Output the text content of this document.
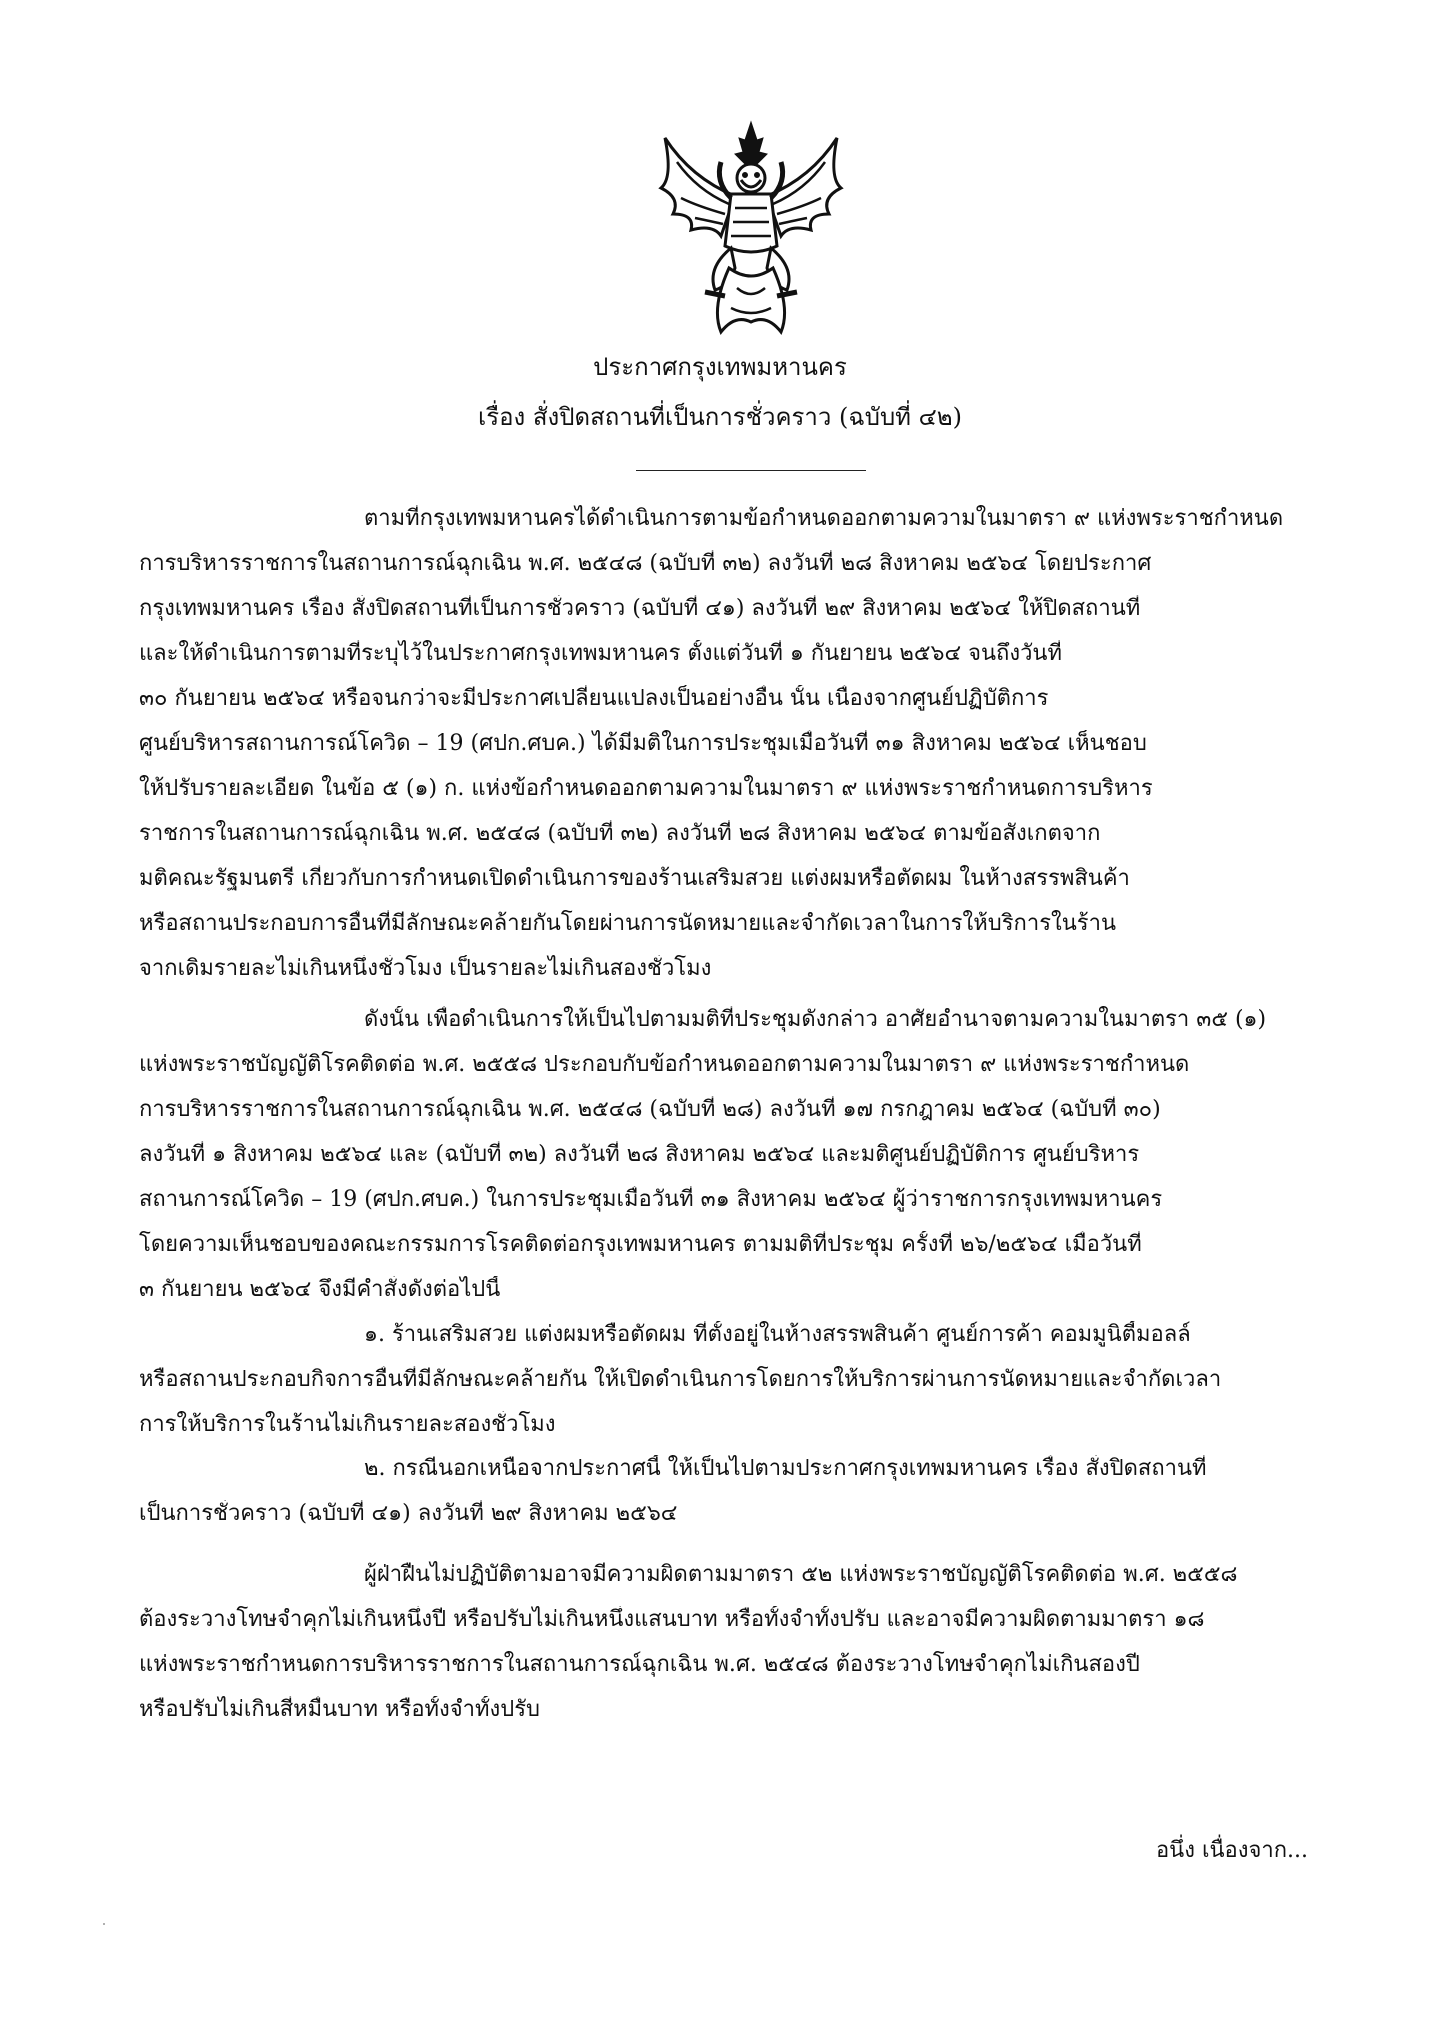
ประกาศกรุงเทพมหานคร
เรื่อง สั่งปิดสถานที่เป็นการชั่วคราว (ฉบับที่ ๔๒)
ตามที่กรุงเทพมหานครได้ดำเนินการตามข้อกำหนดออกตามความในมาตรา ๙ แห่งพระราชกำหนด
การบริหารราชการในสถานการณ์ฉุกเฉิน พ.ศ. ๒๕๔๘ (ฉบับที่ ๓๒) ลงวันที่ ๒๘ สิงหาคม ๒๕๖๔ โดยประกาศ
กรุงเทพมหานคร เรื่อง สั่งปิดสถานที่เป็นการชั่วคราว (ฉบับที่ ๔๑) ลงวันที่ ๒๙ สิงหาคม ๒๕๖๔ ให้ปิดสถานที่
และให้ดำเนินการตามที่ระบุไว้ในประกาศกรุงเทพมหานคร ตั้งแต่วันที่ ๑ กันยายน ๒๕๖๔ จนถึงวันที่
๓๐ กันยายน ๒๕๖๔ หรือจนกว่าจะมีประกาศเปลี่ยนแปลงเป็นอย่างอื่น นั้น เนื่องจากศูนย์ปฏิบัติการ
ศูนย์บริหารสถานการณ์โควิด – 19 (ศปก.ศบค.) ได้มีมติในการประชุมเมื่อวันที่ ๓๑ สิงหาคม ๒๕๖๔ เห็นชอบ
ให้ปรับรายละเอียด ในข้อ ๕ (๑) ก. แห่งข้อกำหนดออกตามความในมาตรา ๙ แห่งพระราชกำหนดการบริหาร
ราชการในสถานการณ์ฉุกเฉิน พ.ศ. ๒๕๔๘ (ฉบับที่ ๓๒) ลงวันที่ ๒๘ สิงหาคม ๒๕๖๔ ตามข้อสังเกตจาก
มติคณะรัฐมนตรี เกี่ยวกับการกำหนดเปิดดำเนินการของร้านเสริมสวย แต่งผมหรือตัดผม ในห้างสรรพสินค้า
หรือสถานประกอบการอื่นที่มีลักษณะคล้ายกันโดยผ่านการนัดหมายและจำกัดเวลาในการให้บริการในร้าน
จากเดิมรายละไม่เกินหนึ่งชั่วโมง เป็นรายละไม่เกินสองชั่วโมง
ดังนั้น เพื่อดำเนินการให้เป็นไปตามมติที่ประชุมดังกล่าว อาศัยอำนาจตามความในมาตรา ๓๕ (๑)
แห่งพระราชบัญญัติโรคติดต่อ พ.ศ. ๒๕๕๘ ประกอบกับข้อกำหนดออกตามความในมาตรา ๙ แห่งพระราชกำหนด
การบริหารราชการในสถานการณ์ฉุกเฉิน พ.ศ. ๒๕๔๘ (ฉบับที่ ๒๘) ลงวันที่ ๑๗ กรกฎาคม ๒๕๖๔ (ฉบับที่ ๓๐)
ลงวันที่ ๑ สิงหาคม ๒๕๖๔ และ (ฉบับที่ ๓๒) ลงวันที่ ๒๘ สิงหาคม ๒๕๖๔ และมติศูนย์ปฏิบัติการ ศูนย์บริหาร
สถานการณ์โควิด – 19 (ศปก.ศบค.) ในการประชุมเมื่อวันที่ ๓๑ สิงหาคม ๒๕๖๔ ผู้ว่าราชการกรุงเทพมหานคร
โดยความเห็นชอบของคณะกรรมการโรคติดต่อกรุงเทพมหานคร ตามมติที่ประชุม ครั้งที่ ๒๖/๒๕๖๔ เมื่อวันที่
๓ กันยายน ๒๕๖๔ จึงมีคำสั่งดังต่อไปนี้
๑. ร้านเสริมสวย แต่งผมหรือตัดผม ที่ตั้งอยู่ในห้างสรรพสินค้า ศูนย์การค้า คอมมูนิตี้มอลล์
หรือสถานประกอบกิจการอื่นที่มีลักษณะคล้ายกัน ให้เปิดดำเนินการโดยการให้บริการผ่านการนัดหมายและจำกัดเวลา
การให้บริการในร้านไม่เกินรายละสองชั่วโมง
๒. กรณีนอกเหนือจากประกาศนี้ ให้เป็นไปตามประกาศกรุงเทพมหานคร เรื่อง สั่งปิดสถานที่
เป็นการชั่วคราว (ฉบับที่ ๔๑) ลงวันที่ ๒๙ สิงหาคม ๒๕๖๔
ผู้ฝ่าฝืนไม่ปฏิบัติตามอาจมีความผิดตามมาตรา ๕๒ แห่งพระราชบัญญัติโรคติดต่อ พ.ศ. ๒๕๕๘
ต้องระวางโทษจำคุกไม่เกินหนึ่งปี หรือปรับไม่เกินหนึ่งแสนบาท หรือทั้งจำทั้งปรับ และอาจมีความผิดตามมาตรา ๑๘
แห่งพระราชกำหนดการบริหารราชการในสถานการณ์ฉุกเฉิน พ.ศ. ๒๕๔๘ ต้องระวางโทษจำคุกไม่เกินสองปี
หรือปรับไม่เกินสี่หมื่นบาท หรือทั้งจำทั้งปรับ
อนึ่ง เนื่องจาก...
